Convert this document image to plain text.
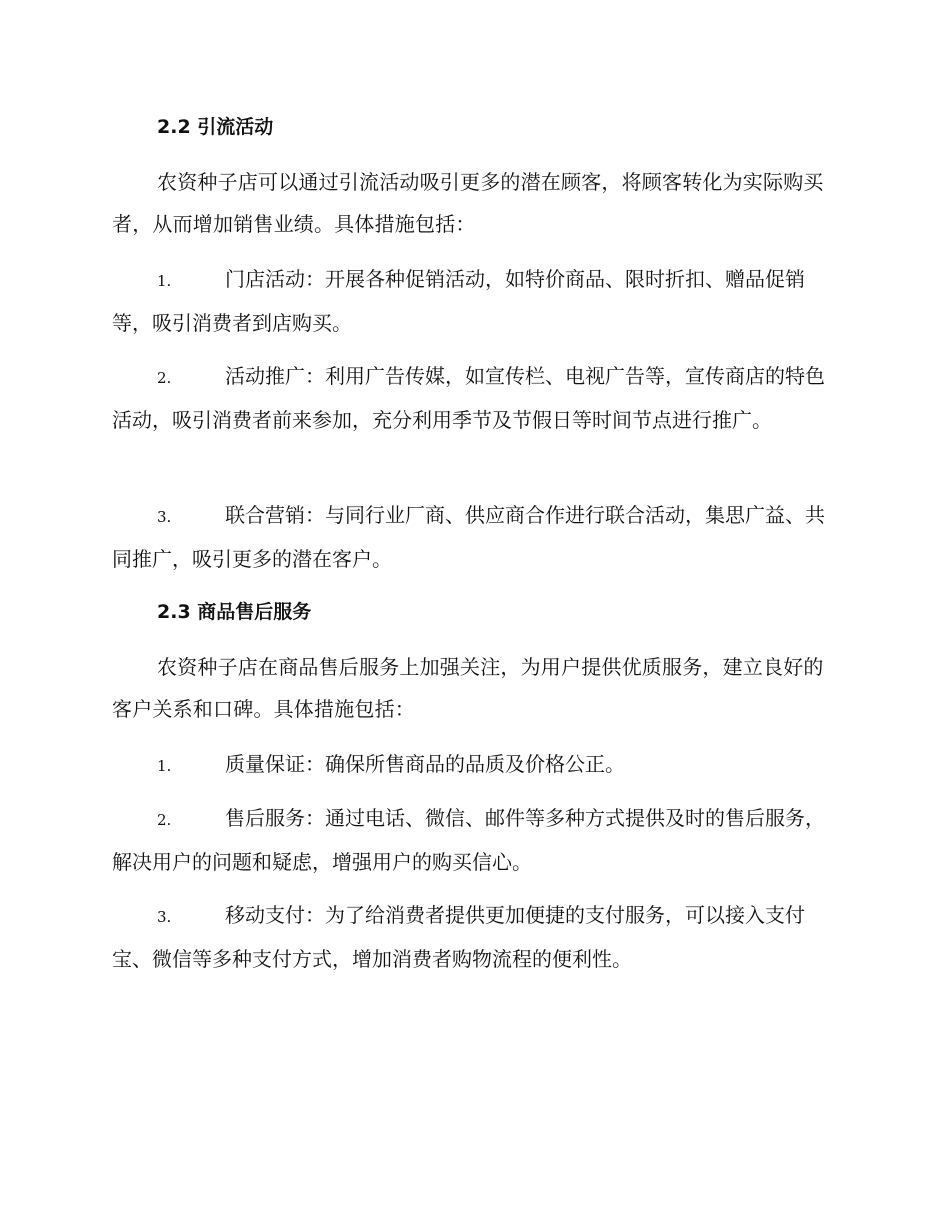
2.2 引流活动

农资种子店可以通过引流活动吸引更多的潜在顾客，将顾客转化为实际购买者，从而增加销售业绩。具体措施包括：

1.	门店活动：开展各种促销活动，如特价商品、限时折扣、赠品促销等，吸引消费者到店购买。

2.	活动推广：利用广告传媒，如宣传栏、电视广告等，宣传商店的特色活动，吸引消费者前来参加，充分利用季节及节假日等时间节点进行推广。

3.	联合营销：与同行业厂商、供应商合作进行联合活动，集思广益、共同推广，吸引更多的潜在客户。

2.3 商品售后服务

农资种子店在商品售后服务上加强关注，为用户提供优质服务，建立良好的客户关系和口碑。具体措施包括：

1.	质量保证：确保所售商品的品质及价格公正。

2.	售后服务：通过电话、微信、邮件等多种方式提供及时的售后服务，解决用户的问题和疑虑，增强用户的购买信心。

3.	移动支付：为了给消费者提供更加便捷的支付服务，可以接入支付宝、微信等多种支付方式，增加消费者购物流程的便利性。
